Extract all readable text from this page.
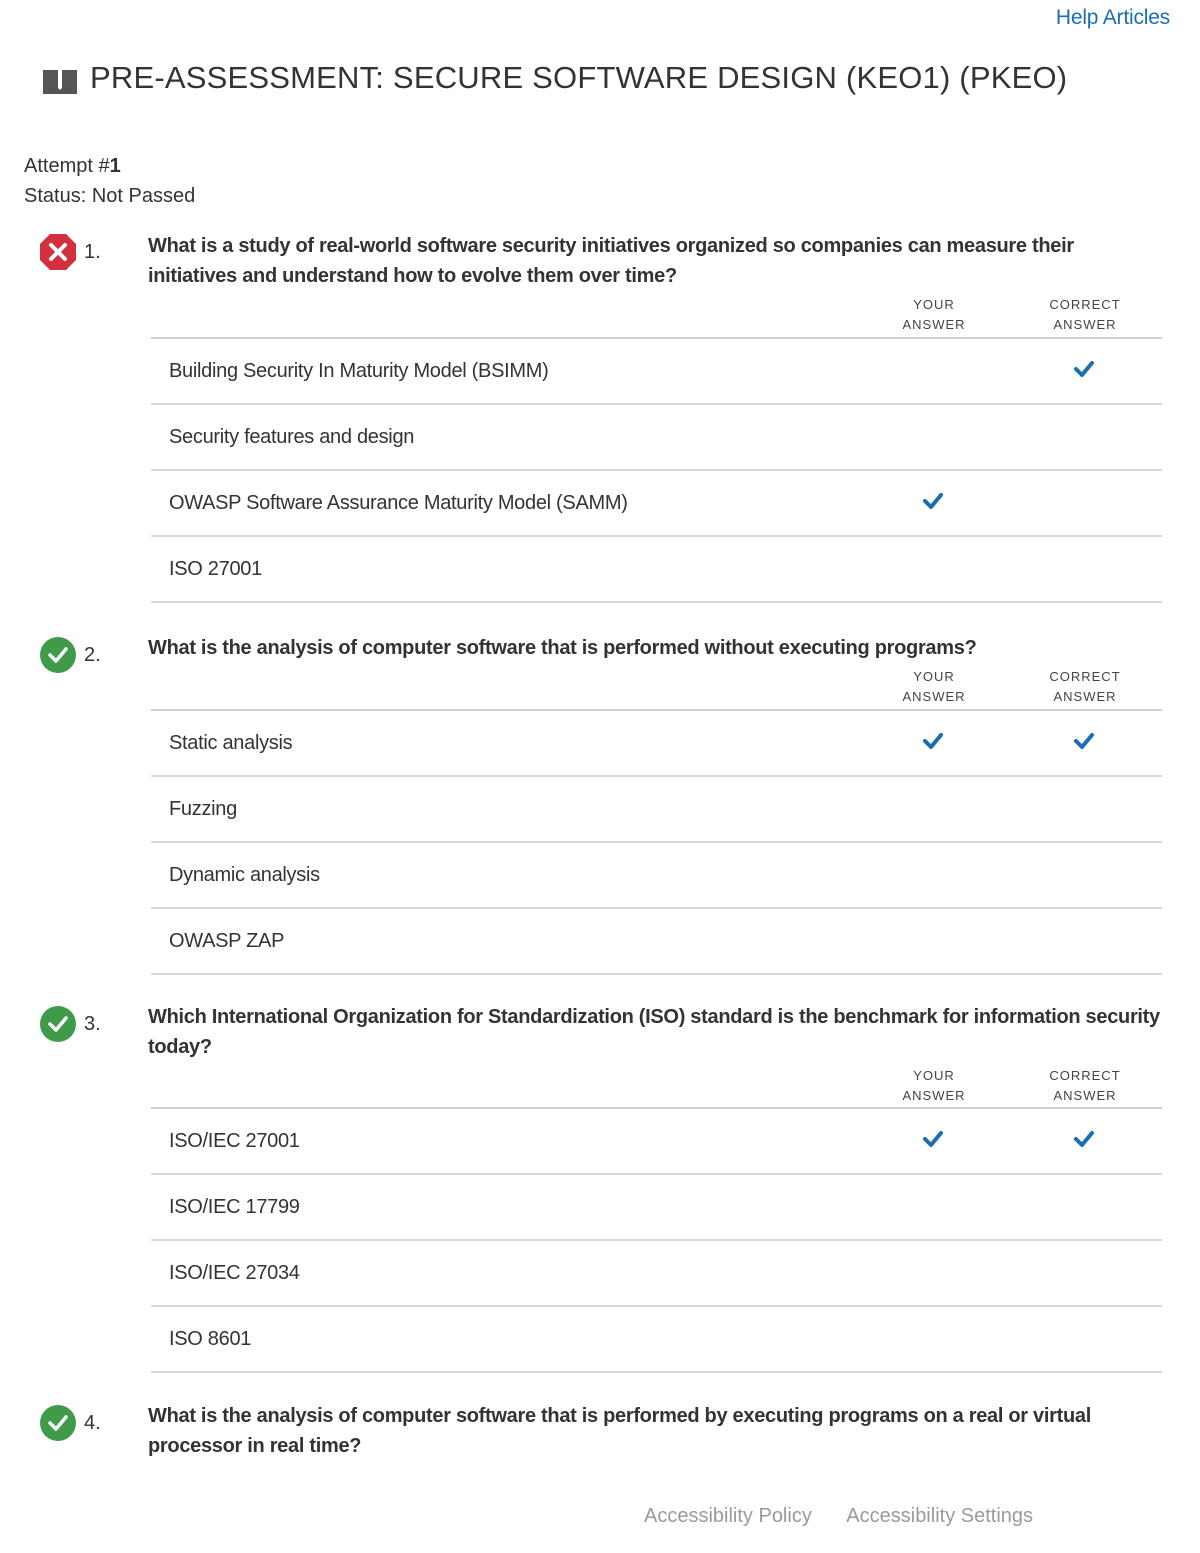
Help Articles
PRE-ASSESSMENT: SECURE SOFTWARE DESIGN (KEO1) (PKEO)
Attempt #1
Status: Not Passed
1. What is a study of real-world software security initiatives organized so companies can measure their initiatives and understand how to evolve them over time?
YOUR
ANSWER
CORRECT
ANSWER
Building Security In Maturity Model (BSIMM)
Security features and design
OWASP Software Assurance Maturity Model (SAMM)
ISO 27001
2. What is the analysis of computer software that is performed without executing programs?
YOUR
ANSWER
CORRECT
ANSWER
Static analysis
Fuzzing
Dynamic analysis
OWASP ZAP
3. Which International Organization for Standardization (ISO) standard is the benchmark for information security today?
YOUR
ANSWER
CORRECT
ANSWER
ISO/IEC 27001
ISO/IEC 17799
ISO/IEC 27034
ISO 8601
4. What is the analysis of computer software that is performed by executing programs on a real or virtual processor in real time?
Accessibility Policy Accessibility Settings
